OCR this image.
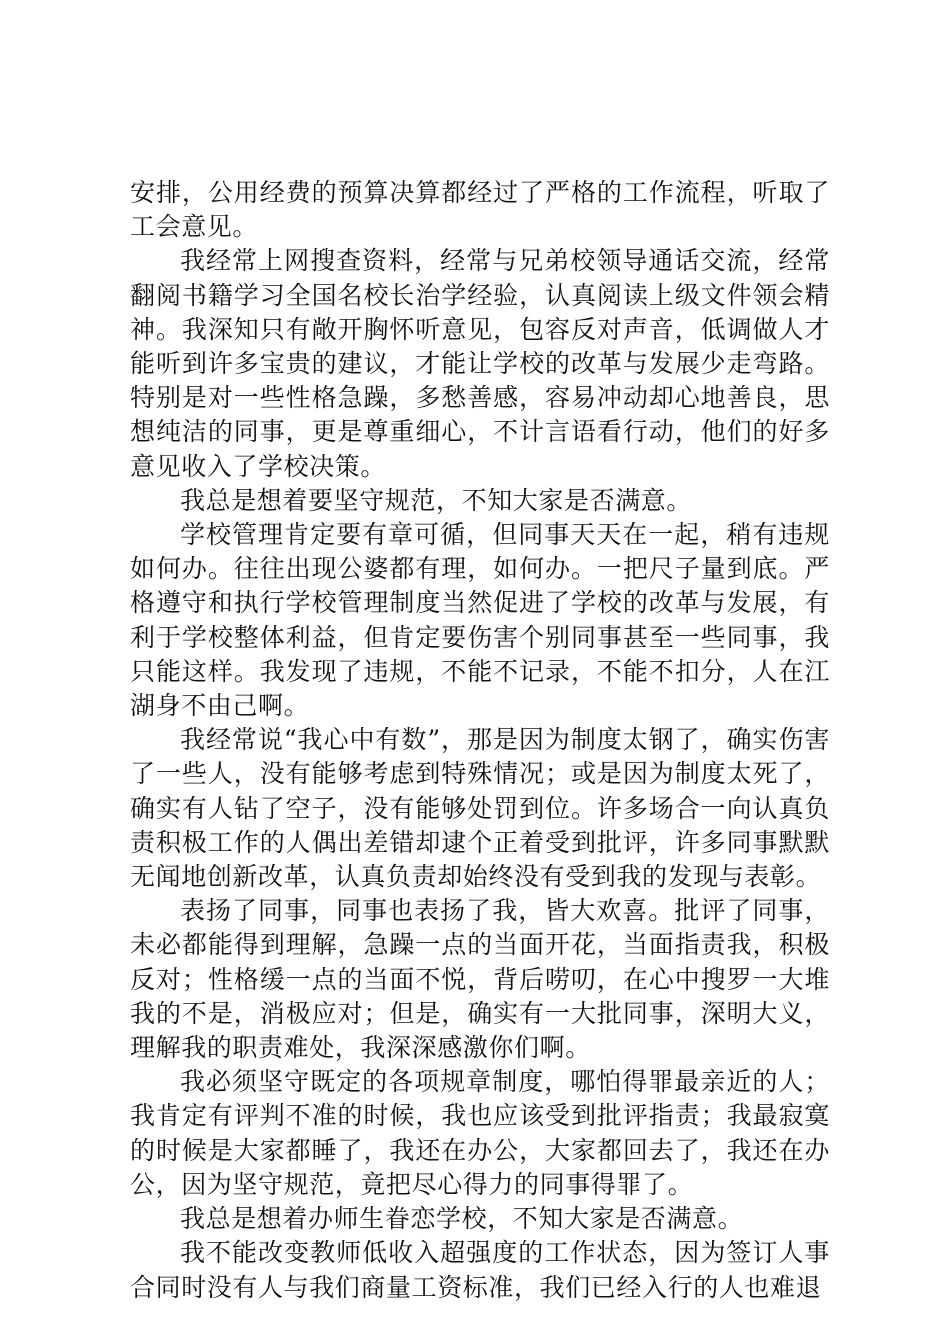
安排，公用经费的预算决算都经过了严格的工作流程，听取了工会意见。

我经常上网搜查资料，经常与兄弟校领导通话交流，经常翻阅书籍学习全国名校长治学经验，认真阅读上级文件领会精神。我深知只有敞开胸怀听意见，包容反对声音，低调做人才能听到许多宝贵的建议，才能让学校的改革与发展少走弯路。特别是对一些性格急躁，多愁善感，容易冲动却心地善良，思想纯洁的同事，更是尊重细心，不计言语看行动，他们的好多意见收入了学校决策。

我总是想着要坚守规范，不知大家是否满意。

学校管理肯定要有章可循，但同事天天在一起，稍有违规如何办。往往出现公婆都有理，如何办。一把尺子量到底。严格遵守和执行学校管理制度当然促进了学校的改革与发展，有利于学校整体利益，但肯定要伤害个别同事甚至一些同事，我只能这样。我发现了违规，不能不记录，不能不扣分，人在江湖身不由己啊。

我经常说“我心中有数”，那是因为制度太钢了，确实伤害了一些人，没有能够考虑到特殊情况；或是因为制度太死了，确实有人钻了空子，没有能够处罚到位。许多场合一向认真负责积极工作的人偶出差错却逮个正着受到批评，许多同事默默无闻地创新改革，认真负责却始终没有受到我的发现与表彰。

表扬了同事，同事也表扬了我，皆大欢喜。批评了同事，未必都能得到理解，急躁一点的当面开花，当面指责我，积极反对；性格缓一点的当面不悦，背后唠叨，在心中搜罗一大堆我的不是，消极应对；但是，确实有一大批同事，深明大义，理解我的职责难处，我深深感激你们啊。

我必须坚守既定的各项规章制度，哪怕得罪最亲近的人；我肯定有评判不准的时候，我也应该受到批评指责；我最寂寞的时候是大家都睡了，我还在办公，大家都回去了，我还在办公，因为坚守规范，竟把尽心得力的同事得罪了。

我总是想着办师生眷恋学校，不知大家是否满意。

我不能改变教师低收入超强度的工作状态，因为签订人事合同时没有人与我们商量工资标准，我们已经入行的人也难退
